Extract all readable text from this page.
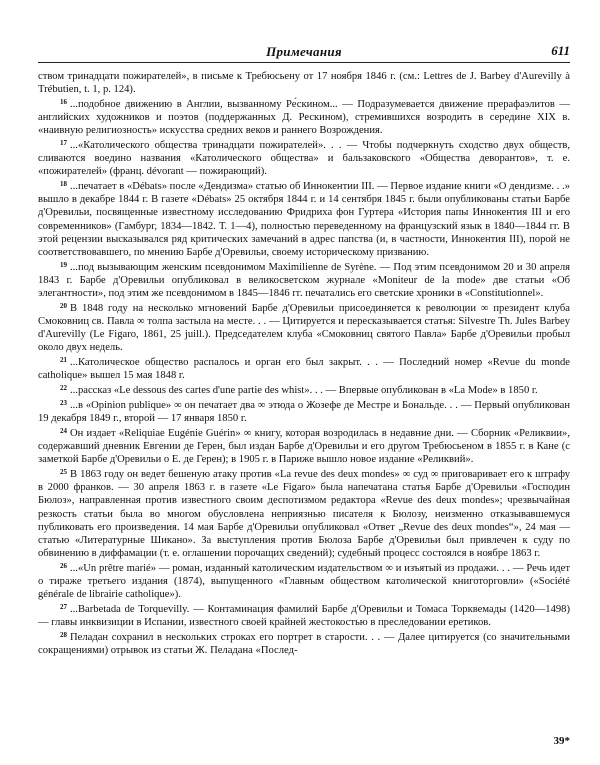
Примечания	611

ством тринадцати пожирателей», в письме к Требюсьену от 17 ноября 1846 г. (см.: Lettres de J. Barbey d'Aurevilly à Trébutien, t. 1, p. 124).

$^{16}$ ...подобное движению в Англии, вызванному Ре́скином... — Подразумевается движение прерафаэлитов — английских художников и поэтов (поддержанных Д. Рескином), стремившихся возродить в середине XIX в. «наивную религиозность» искусства средних веков и раннего Возрождения.

$^{17}$ ...«Католического общества тринадцати пожирателей». . . — Чтобы подчеркнуть сходство двух обществ, сливаются воедино названия «Католического общества» и бальзаковского «Общества деворантов», т. е. «пожирателей» (франц. dévorant — пожирающий).

$^{18}$ ...печатает в «Débats» после «Дендизма» статью об Иннокентии III. — Первое издание книги «О дендизме. . .» вышло в декабре 1844 г. В газете «Débats» 25 октября 1844 г. и 14 сентября 1845 г. были опубликованы статьи Барбе д'Оревильи, посвященные известному исследованию Фридриха фон Гуртера «История папы Иннокентия III и его современников» (Гамбург, 1834—1842. Т. 1—4), полностью переведенному на французский язык в 1840—1844 гг. В этой рецензии высказывался ряд критических замечаний в адрес папства (и, в частности, Иннокентия III), порой не соответствовавшего, по мнению Барбе д'Оревильи, своему историческому призванию.

$^{19}$ ...под вызывающим женским псевдонимом Maximilienne de Syrène. — Под этим псевдонимом 20 и 30 апреля 1843 г. Барбе д'Оревильи опубликовал в великосветском журнале «Moniteur de la mode» две статьи «Об элегантности», под этим же псевдонимом в 1845—1846 гг. печатались его светские хроники в «Constitutionnel».

$^{20}$ В 1848 году на несколько мгновений Барбе д'Оревильи присоединяется к революции ∞ президент клуба Смоковниц св. Павла ∞ толпа застыла на месте. . . — Цитируется и пересказывается статья: Silvestre Th. Jules Barbey d'Aurevilly (Le Figaro, 1861, 25 juill.). Председателем клуба «Смоковниц святого Павла» Барбе д'Оревильи пробыл около двух недель.

$^{21}$ ...Католическое общество распалось и орган его был закрыт. . . — Последний номер «Revue du monde catholique» вышел 15 мая 1848 г.

$^{22}$ ...рассказ «Le dessous des cartes d'une partie des whist». . . — Впервые опубликован в «La Mode» в 1850 г.

$^{23}$ ...в «Opinion publique» ∞ он печатает два ∞ этюда о Жозефе де Местре и Бональде. . . — Первый опубликован 19 декабря 1849 г., второй — 17 января 1850 г.

$^{24}$ Он издает «Reliquiae Eugénie Guérin» ∞ книгу, которая возродилась в недавние дни. — Сборник «Реликвии», содержавший дневник Евгении де Герен, был издан Барбе д'Оревильи и его другом Требюсьеном в 1855 г. в Кане (с заметкой Барбе д'Оревильи о Е. де Герен); в 1905 г. в Париже вышло новое издание «Реликвий».

$^{25}$ В 1863 году он ведет бешеную атаку против «La revue des deux mondes» ∞ суд ∞ приговаривает его к штрафу в 2000 франков. — 30 апреля 1863 г. в газете «Le Figaro» была напечатана статья Барбе д'Оревильи «Господин Бюлоз», направленная против известного своим деспотизмом редактора «Revue des deux mondes»; чрезвычайная резкость статьи была во многом обусловлена неприязнью писателя к Бюлозу, неизменно отказывавшемуся публиковать его произведения. 14 мая Барбе д'Оревильи опубликовал «Ответ „Revue des deux mondes“», 24 мая — статью «Литературные Шикано». За выступления против Бюлоза Барбе д'Оревильи был привлечен к суду по обвинению в диффамации (т. е. оглашении порочащих сведений); судебный процесс состоялся в ноябре 1863 г.

$^{26}$ ...«Un prêtre marié» — роман, изданный католическим издательством ∞ и изъятый из продажи. . . — Речь идет о тираже третьего издания (1874), выпущенного «Главным обществом католической книготорговли» («Société générale de librairie catholique»).

$^{27}$ ...Barbetada de Torquevilly. — Контаминация фамилий Барбе д'Оревильи и Томаса Торквемады (1420—1498) — главы инквизиции в Испании, известного своей крайней жестокостью в преследовании еретиков.

$^{28}$ Пеладан сохранил в нескольких строках его портрет в старости. . . — Далее цитируется (со значительными сокращениями) отрывок из статьи Ж. Пеладана «Послед-

39*
